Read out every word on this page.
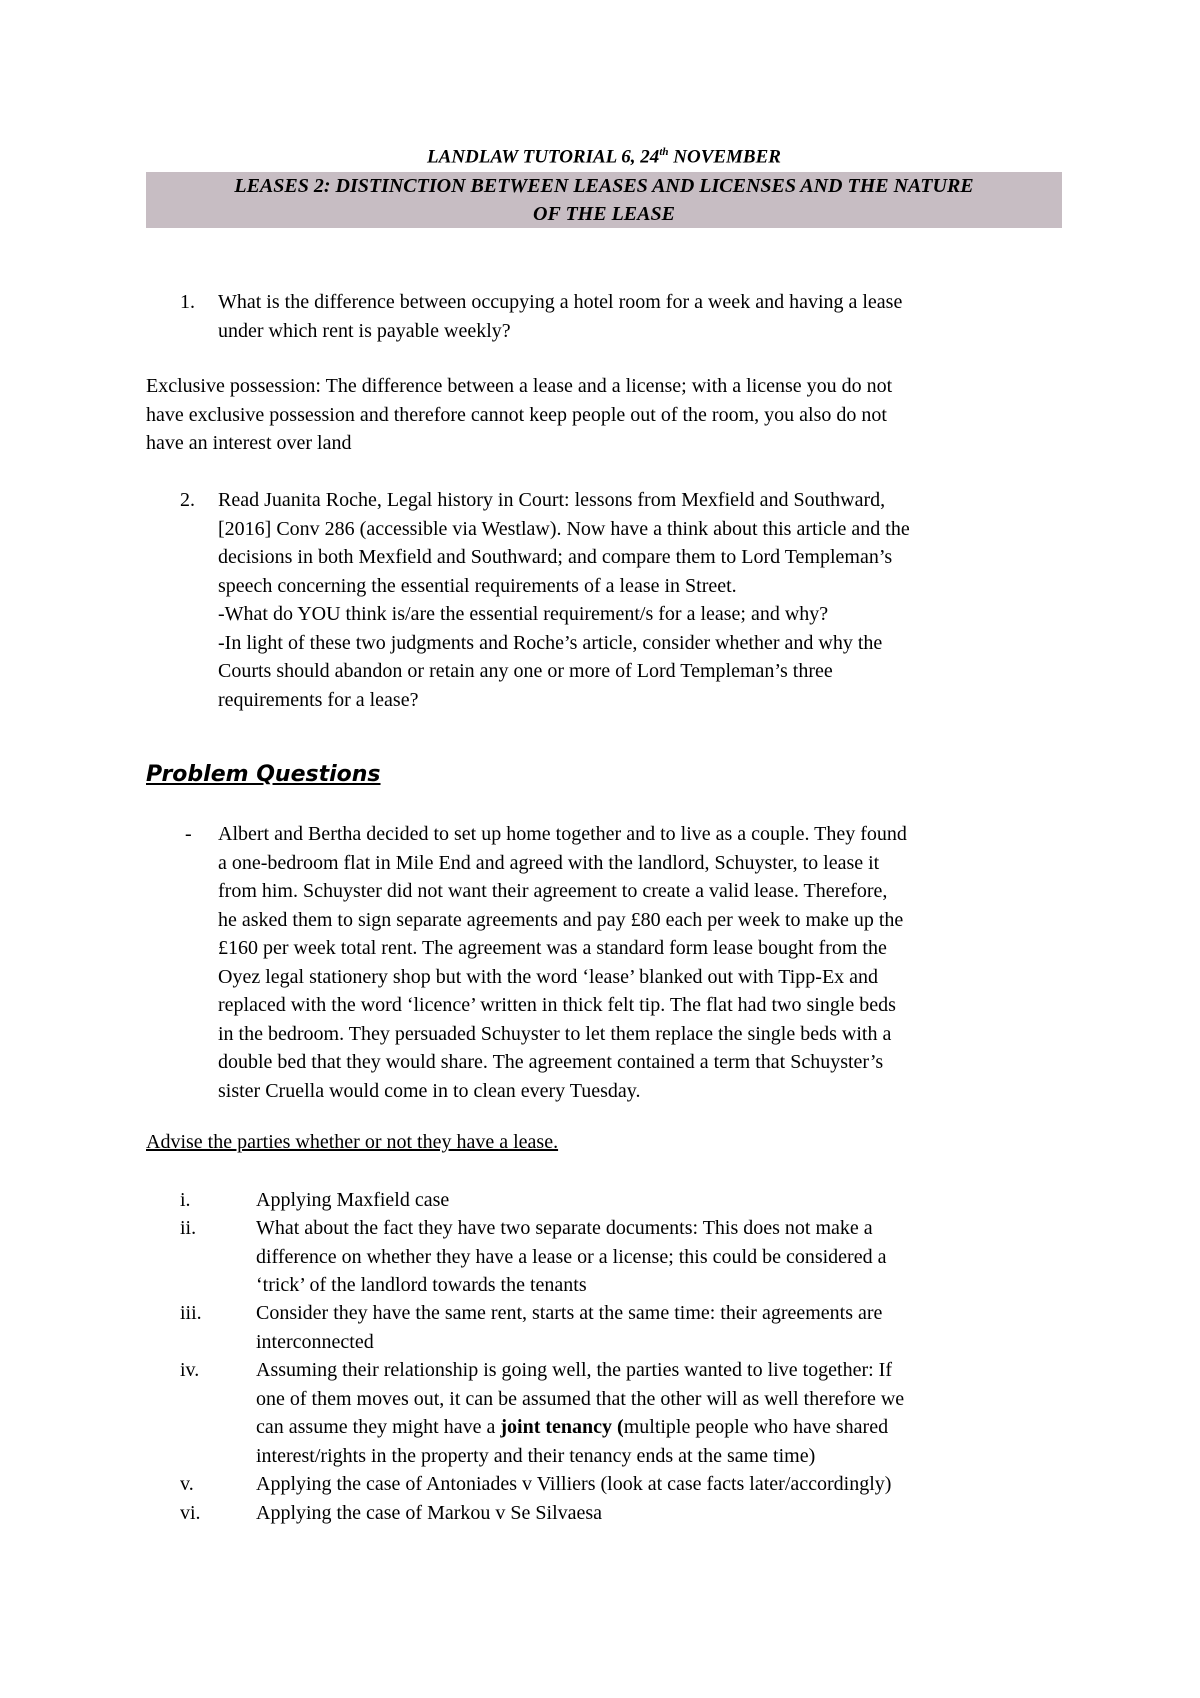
LANDLAW TUTORIAL 6, 24th NOVEMBER
LEASES 2: DISTINCTION BETWEEN LEASES AND LICENSES AND THE NATURE
OF THE LEASE
1. What is the difference between occupying a hotel room for a week and having a lease
under which rent is payable weekly?
Exclusive possession: The difference between a lease and a license; with a license you do not
have exclusive possession and therefore cannot keep people out of the room, you also do not
have an interest over land
2. Read Juanita Roche, Legal history in Court: lessons from Mexfield and Southward,
[2016] Conv 286 (accessible via Westlaw). Now have a think about this article and the
decisions in both Mexfield and Southward; and compare them to Lord Templeman’s
speech concerning the essential requirements of a lease in Street.
-What do YOU think is/are the essential requirement/s for a lease; and why?
-In light of these two judgments and Roche’s article, consider whether and why the
Courts should abandon or retain any one or more of Lord Templeman’s three
requirements for a lease?
Problem Questions
- Albert and Bertha decided to set up home together and to live as a couple. They found
a one-bedroom flat in Mile End and agreed with the landlord, Schuyster, to lease it
from him. Schuyster did not want their agreement to create a valid lease. Therefore,
he asked them to sign separate agreements and pay £80 each per week to make up the
£160 per week total rent. The agreement was a standard form lease bought from the
Oyez legal stationery shop but with the word ‘lease’ blanked out with Tipp-Ex and
replaced with the word ‘licence’ written in thick felt tip. The flat had two single beds
in the bedroom. They persuaded Schuyster to let them replace the single beds with a
double bed that they would share. The agreement contained a term that Schuyster’s
sister Cruella would come in to clean every Tuesday.
Advise the parties whether or not they have a lease.
i.	Applying Maxfield case
ii.	What about the fact they have two separate documents: This does not make a
difference on whether they have a lease or a license; this could be considered a
‘trick’ of the landlord towards the tenants
iii.	Consider they have the same rent, starts at the same time: their agreements are
interconnected
iv.	Assuming their relationship is going well, the parties wanted to live together: If
one of them moves out, it can be assumed that the other will as well therefore we
can assume they might have a joint tenancy (multiple people who have shared
interest/rights in the property and their tenancy ends at the same time)
v.	Applying the case of Antoniades v Villiers (look at case facts later/accordingly)
vi.	Applying the case of Markou v Se Silvaesa
